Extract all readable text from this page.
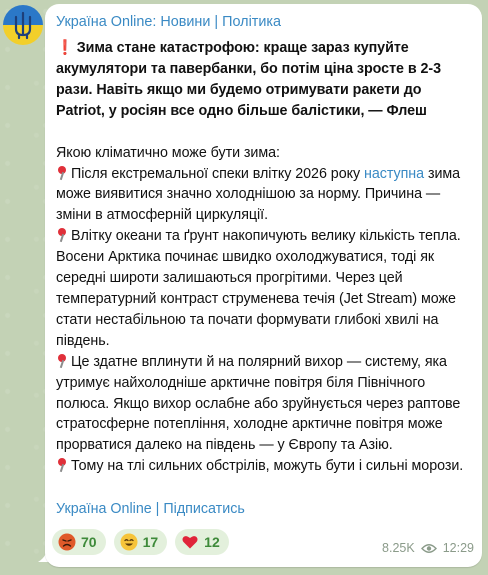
Україна Online: Новини | Політика

❗ Зима стане катастрофою: краще зараз купуйте акумулятори та павербанки, бо потім ціна зросте в 2-3 рази. Навіть якщо ми будемо отримувати ракети до Patriot, у росіян все одно більше балістики, — Флеш

Якою кліматично може бути зима:

Після екстремальної спеки влітку 2026 року наступна зима може виявитися значно холоднішою за норму. Причина — зміни в атмосферній циркуляції.

Влітку океани та ґрунт накопичують велику кількість тепла. Восени Арктика починає швидко охолоджуватися, тоді як середні широти залишаються прогрітими. Через цей температурний контраст струменева течія (Jet Stream) може стати нестабільною та почати формувати глибокі хвилі на південь.

Це здатне вплинути й на полярний вихор — систему, яка утримує найхолодніше арктичне повітря біля Північного полюса. Якщо вихор ослабне або зруйнується через раптове стратосферне потепління, холодне арктичне повітря може прорватися далеко на південь — у Європу та Азію.

Тому на тлі сильних обстрілів, можуть бути і сильні морози.

Україна Online | Підписатись
70	17	12	8.25K 12:29
